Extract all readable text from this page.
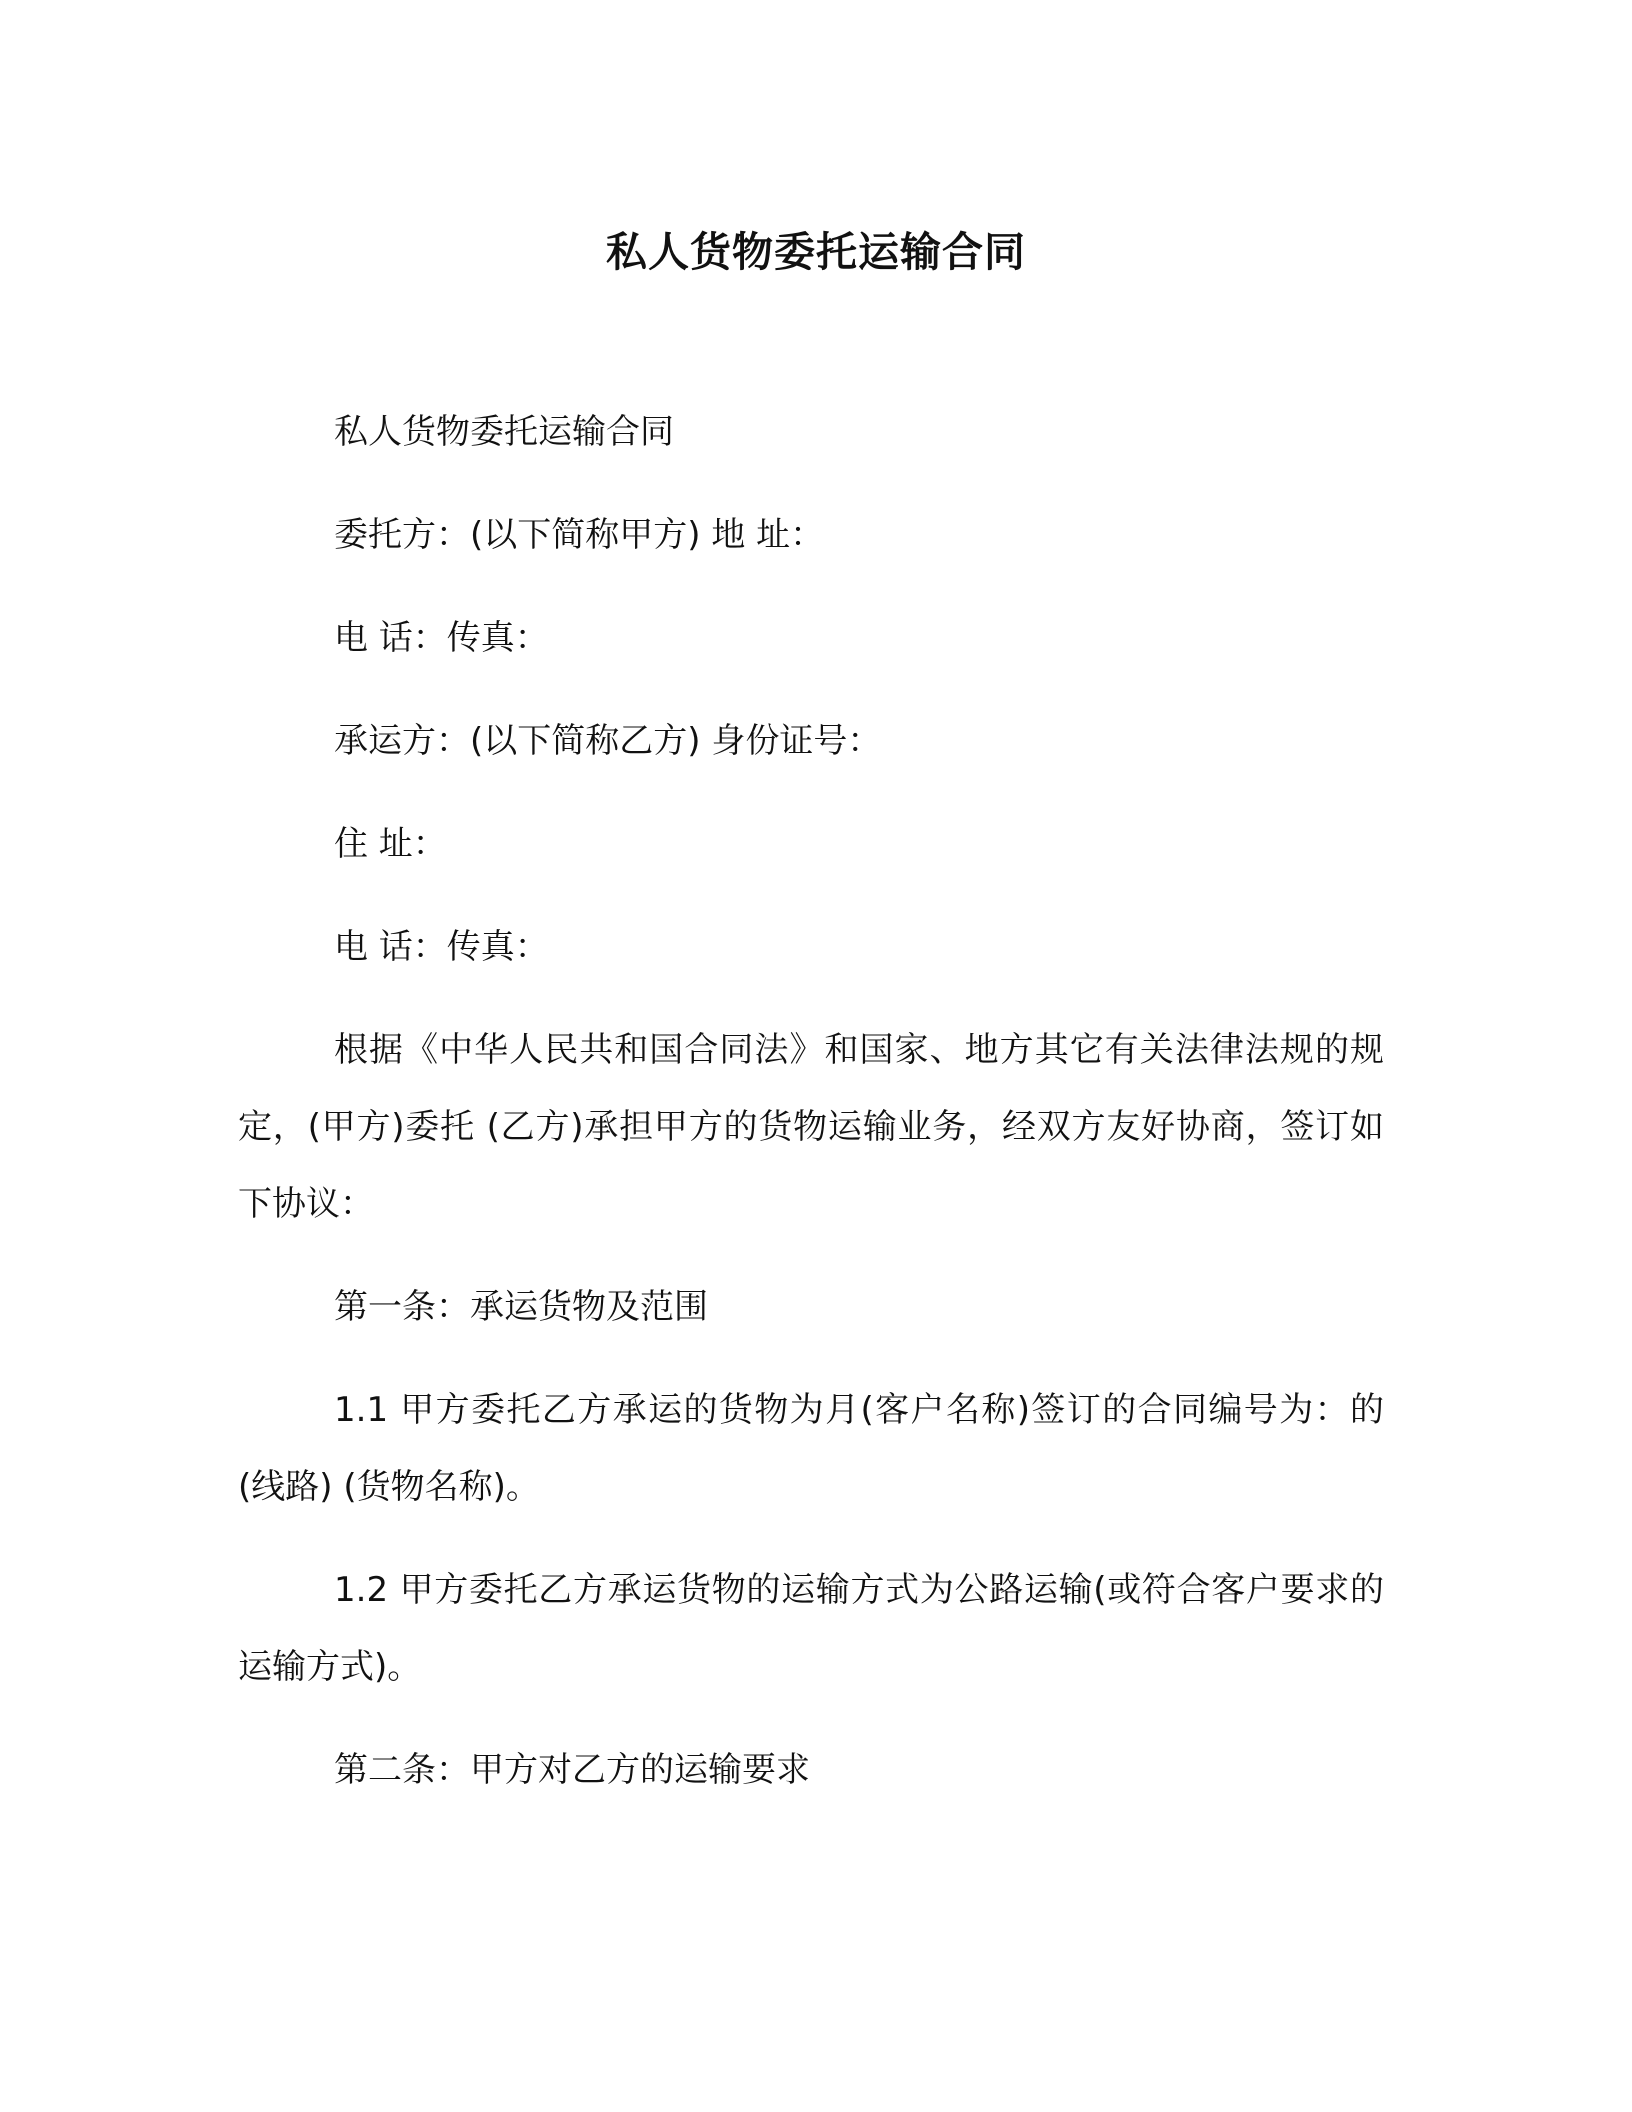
私人货物委托运输合同

私人货物委托运输合同

委托方：(以下简称甲方) 地 址：

电 话：传真：

承运方：(以下简称乙方) 身份证号：

住 址：

电 话：传真：

根据《中华人民共和国合同法》和国家、地方其它有关法律法规的规定，(甲方)委托 (乙方)承担甲方的货物运输业务，经双方友好协商，签订如下协议：

第一条：承运货物及范围

1.1 甲方委托乙方承运的货物为月(客户名称)签订的合同编号为：的 (线路) (货物名称)。

1.2 甲方委托乙方承运货物的运输方式为公路运输(或符合客户要求的运输方式)。

第二条：甲方对乙方的运输要求
